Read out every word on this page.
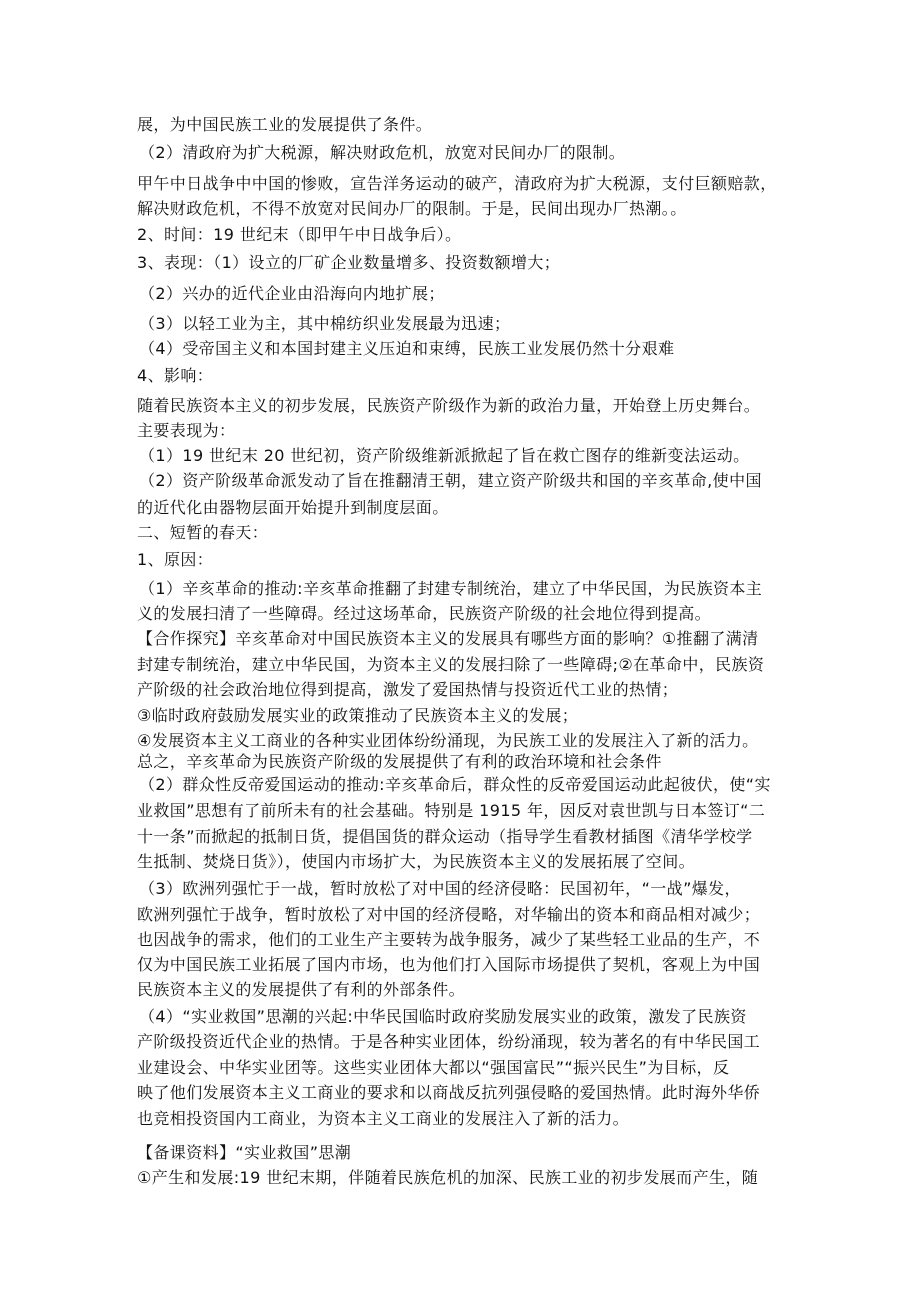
展，为中国民族工业的发展提供了条件。
（2）清政府为扩大税源，解决财政危机，放宽对民间办厂的限制。
甲午中日战争中中国的惨败，宣告洋务运动的破产，清政府为扩大税源，支付巨额赔款，
解决财政危机，不得不放宽对民间办厂的限制。于是，民间出现办厂热潮。。
2、时间：19 世纪末（即甲午中日战争后）。
3、表现：（1）设立的厂矿企业数量增多、投资数额增大；
（2）兴办的近代企业由沿海向内地扩展；
（3）以轻工业为主，其中棉纺织业发展最为迅速；
（4）受帝国主义和本国封建主义压迫和束缚，民族工业发展仍然十分艰难
4、影响：
随着民族资本主义的初步发展，民族资产阶级作为新的政治力量，开始登上历史舞台。
主要表现为：
（1）19 世纪末 20 世纪初，资产阶级维新派掀起了旨在救亡图存的维新变法运动。
（2）资产阶级革命派发动了旨在推翻清王朝，建立资产阶级共和国的辛亥革命,使中国
的近代化由器物层面开始提升到制度层面。
二、短暂的春天：
1、原因：
（1）辛亥革命的推动:辛亥革命推翻了封建专制统治，建立了中华民国，为民族资本主
义的发展扫清了一些障碍。经过这场革命，民族资产阶级的社会地位得到提高。
【合作探究】辛亥革命对中国民族资本主义的发展具有哪些方面的影响？①推翻了满清
封建专制统治，建立中华民国，为资本主义的发展扫除了一些障碍;②在革命中，民族资
产阶级的社会政治地位得到提高，激发了爱国热情与投资近代工业的热情；
③临时政府鼓励发展实业的政策推动了民族资本主义的发展；
④发展资本主义工商业的各种实业团体纷纷涌现，为民族工业的发展注入了新的活力。
总之，辛亥革命为民族资产阶级的发展提供了有利的政治环境和社会条件
（2）群众性反帝爱国运动的推动:辛亥革命后，群众性的反帝爱国运动此起彼伏，使“实
业救国”思想有了前所未有的社会基础。特别是 1915 年，因反对袁世凯与日本签订“二
十一条”而掀起的抵制日货，提倡国货的群众运动（指导学生看教材插图《清华学校学
生抵制、焚烧日货》），使国内市场扩大，为民族资本主义的发展拓展了空间。
（3）欧洲列强忙于一战，暂时放松了对中国的经济侵略：民国初年，“一战”爆发，
欧洲列强忙于战争，暂时放松了对中国的经济侵略，对华输出的资本和商品相对减少；
也因战争的需求，他们的工业生产主要转为战争服务，减少了某些轻工业品的生产，不
仅为中国民族工业拓展了国内市场，也为他们打入国际市场提供了契机，客观上为中国
民族资本主义的发展提供了有利的外部条件。
（4）“实业救国”思潮的兴起:中华民国临时政府奖励发展实业的政策，激发了民族资
产阶级投资近代企业的热情。于是各种实业团体，纷纷涌现，较为著名的有中华民国工
业建设会、中华实业团等。这些实业团体大都以“强国富民”“振兴民生”为目标，反
映了他们发展资本主义工商业的要求和以商战反抗列强侵略的爱国热情。此时海外华侨
也竞相投资国内工商业，为资本主义工商业的发展注入了新的活力。
【备课资料】“实业救国”思潮
①产生和发展:19 世纪末期，伴随着民族危机的加深、民族工业的初步发展而产生，随
